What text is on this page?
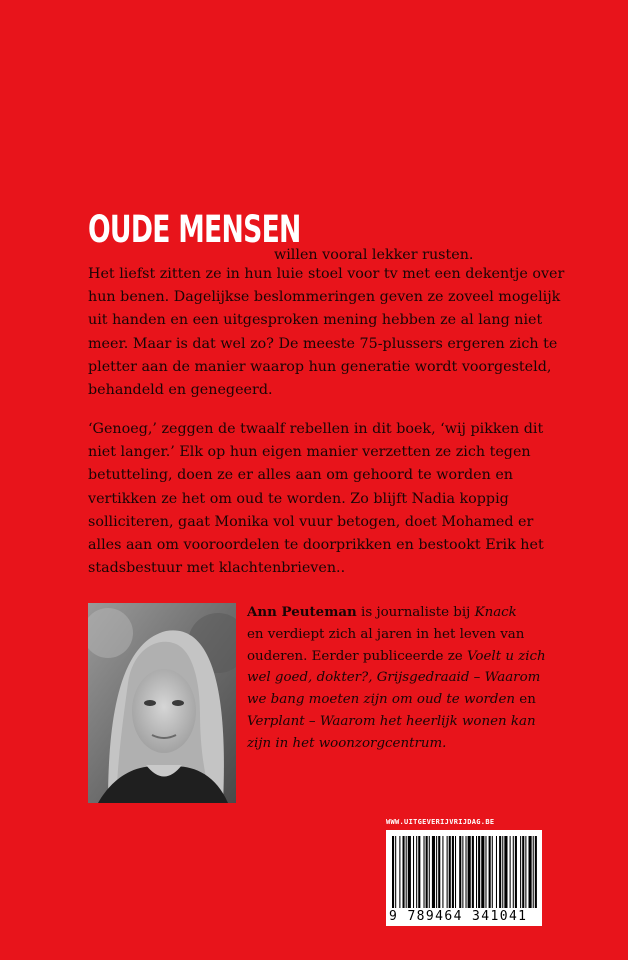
OUDE MENSEN
willen vooral lekker rusten.

Het liefst zitten ze in hun luie stoel voor tv met een dekentje over
hun benen. Dagelijkse beslommeringen geven ze zoveel mogelijk
uit handen en een uitgesproken mening hebben ze al lang niet
meer. Maar is dat wel zo? De meeste 75-plussers ergeren zich te
pletter aan de manier waarop hun generatie wordt voorgesteld,
behandeld en genegeerd.

‘Genoeg,’ zeggen de twaalf rebellen in dit boek, ‘wij pikken dit
niet langer.’ Elk op hun eigen manier verzetten ze zich tegen
betutteling, doen ze er alles aan om gehoord te worden en
vertikken ze het om oud te worden. Zo blijft Nadia koppig
solliciteren, gaat Monika vol vuur betogen, doet Mohamed er
alles aan om vooroordelen te doorprikken en bestookt Erik het
stadsbestuur met klachtenbrieven..

Ann Peuteman is journaliste bij Knack
en verdiept zich al jaren in het leven van
ouderen. Eerder publiceerde ze Voelt u zich
wel goed, dokter?, Grijsgedraaid – Waarom
we bang moeten zijn om oud te worden en
Verplant – Waarom het heerlijk wonen kan
zijn in het woonzorgcentrum.
WWW.UITGEVERIJVRIJDAG.BE
9 789464 341041
